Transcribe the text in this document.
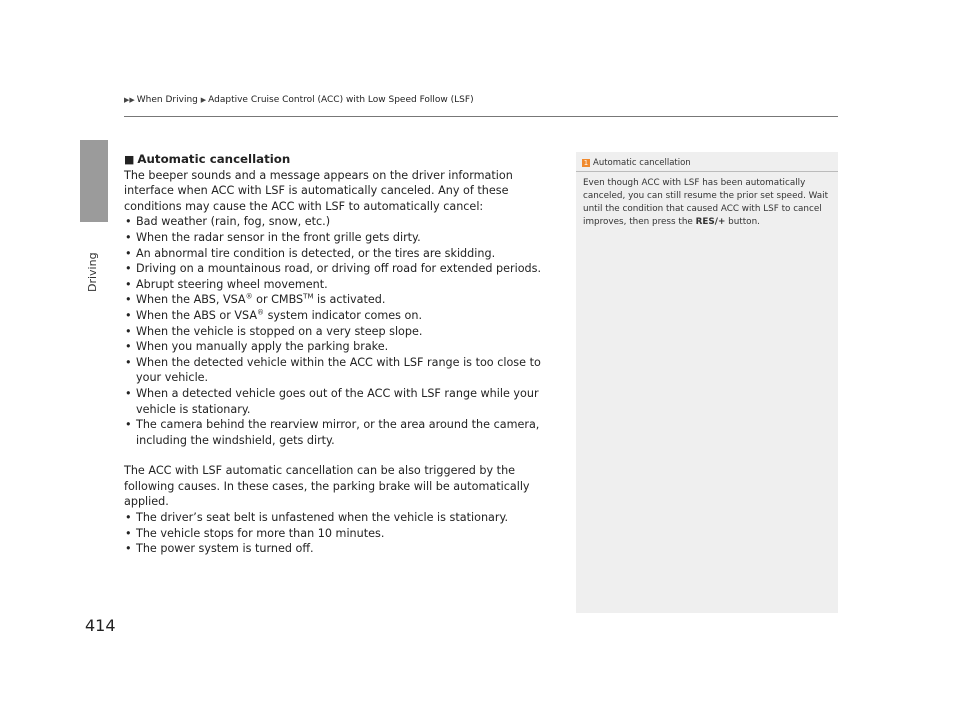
▶▶ When Driving ▶ Adaptive Cruise Control (ACC) with Low Speed Follow (LSF)
Driving
414
■ Automatic cancellation

The beeper sounds and a message appears on the driver information interface when ACC with LSF is automatically canceled. Any of these conditions may cause the ACC with LSF to automatically cancel:

• Bad weather (rain, fog, snow, etc.)
• When the radar sensor in the front grille gets dirty.
• An abnormal tire condition is detected, or the tires are skidding.
• Driving on a mountainous road, or driving off road for extended periods.
• Abrupt steering wheel movement.
• When the ABS, VSA® or CMBS™ is activated.
• When the ABS or VSA® system indicator comes on.
• When the vehicle is stopped on a very steep slope.
• When you manually apply the parking brake.
• When the detected vehicle within the ACC with LSF range is too close to your vehicle.
• When a detected vehicle goes out of the ACC with LSF range while your vehicle is stationary.
• The camera behind the rearview mirror, or the area around the camera, including the windshield, gets dirty.

The ACC with LSF automatic cancellation can be also triggered by the following causes. In these cases, the parking brake will be automatically applied.

• The driver’s seat belt is unfastened when the vehicle is stationary.
• The vehicle stops for more than 10 minutes.
• The power system is turned off.
1 Automatic cancellation
Even though ACC with LSF has been automatically canceled, you can still resume the prior set speed. Wait until the condition that caused ACC with LSF to cancel improves, then press the RES/+ button.
